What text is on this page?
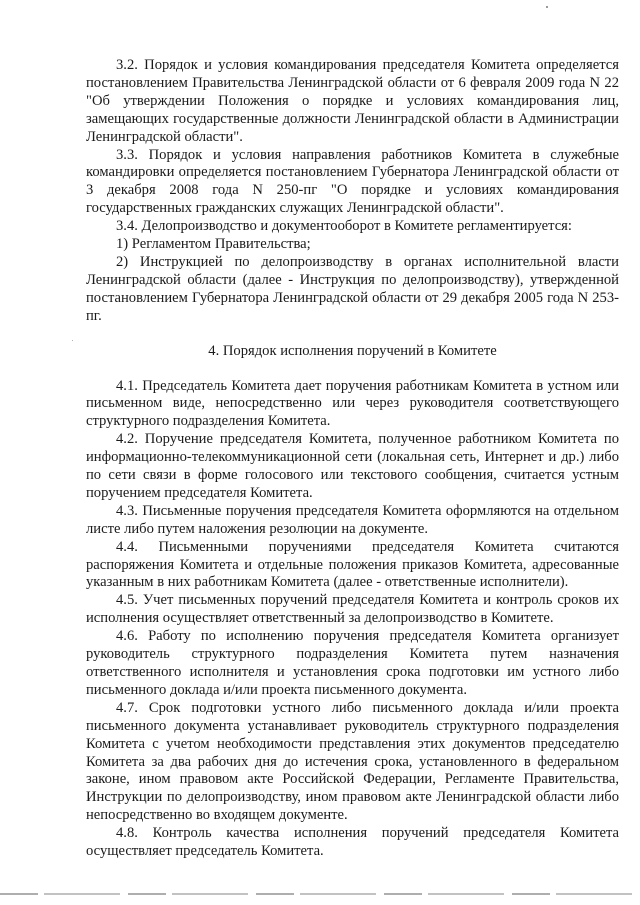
3.2. Порядок и условия командирования председателя Комитета определяется постановлением Правительства Ленинградской области от 6 февраля 2009 года N 22 "Об утверждении Положения о порядке и условиях командирования лиц, замещающих государственные должности Ленинградской области в Администрации Ленинградской области".

3.3. Порядок и условия направления работников Комитета в служебные командировки определяется постановлением Губернатора Ленинградской области от 3 декабря 2008 года N 250-пг "О порядке и условиях командирования государственных гражданских служащих Ленинградской области".

3.4. Делопроизводство и документооборот в Комитете регламентируется:

1) Регламентом Правительства;

2) Инструкцией по делопроизводству в органах исполнительной власти Ленинградской области (далее - Инструкция по делопроизводству), утвержденной постановлением Губернатора Ленинградской области от 29 декабря 2005 года N 253-пг.

4. Порядок исполнения поручений в Комитете

4.1. Председатель Комитета дает поручения работникам Комитета в устном или письменном виде, непосредственно или через руководителя соответствующего структурного подразделения Комитета.

4.2. Поручение председателя Комитета, полученное работником Комитета по информационно-телекоммуникационной сети (локальная сеть, Интернет и др.) либо по сети связи в форме голосового или текстового сообщения, считается устным поручением председателя Комитета.

4.3. Письменные поручения председателя Комитета оформляются на отдельном листе либо путем наложения резолюции на документе.

4.4. Письменными поручениями председателя Комитета считаются распоряжения Комитета и отдельные положения приказов Комитета, адресованные указанным в них работникам Комитета (далее - ответственные исполнители).

4.5. Учет письменных поручений председателя Комитета и контроль сроков их исполнения осуществляет ответственный за делопроизводство в Комитете.

4.6. Работу по исполнению поручения председателя Комитета организует руководитель структурного подразделения Комитета путем назначения ответственного исполнителя и установления срока подготовки им устного либо письменного доклада и/или проекта письменного документа.

4.7. Срок подготовки устного либо письменного доклада и/или проекта письменного документа устанавливает руководитель структурного подразделения Комитета с учетом необходимости представления этих документов председателю Комитета за два рабочих дня до истечения срока, установленного в федеральном законе, ином правовом акте Российской Федерации, Регламенте Правительства, Инструкции по делопроизводству, ином правовом акте Ленинградской области либо непосредственно во входящем документе.

4.8. Контроль качества исполнения поручений председателя Комитета осуществляет председатель Комитета.
